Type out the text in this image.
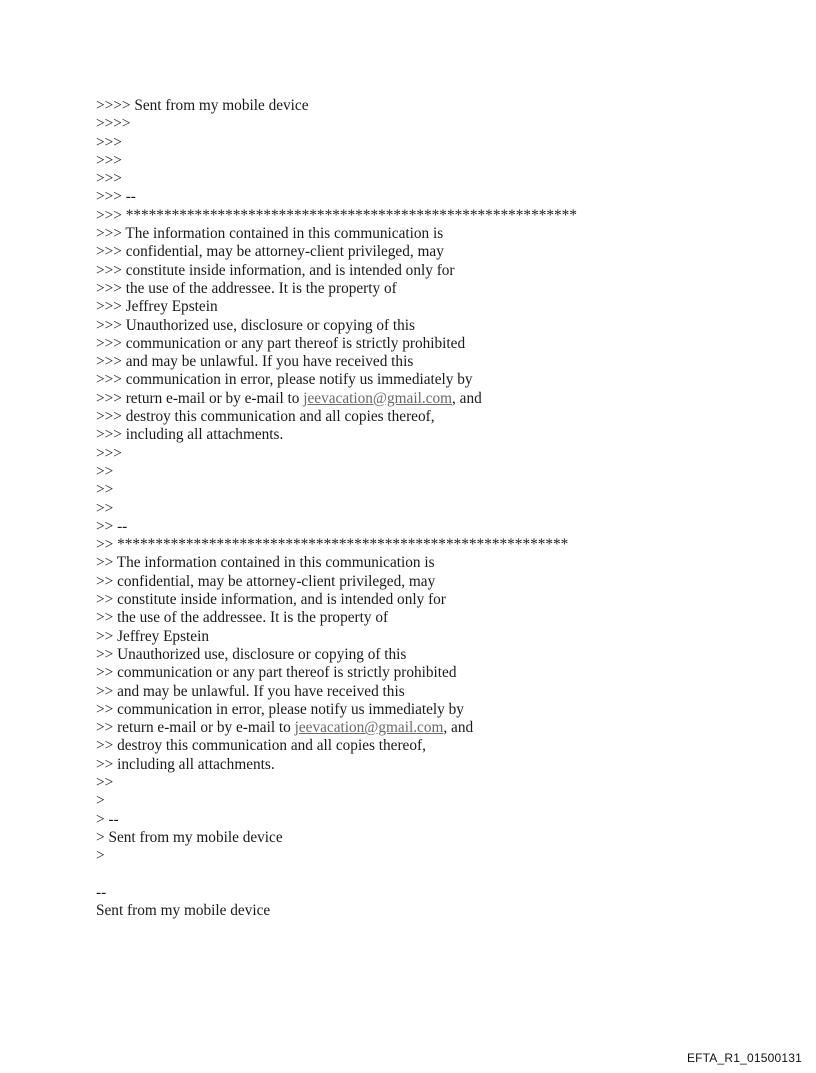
>>>> Sent from my mobile device
>>>>
>>>
>>>
>>>
>>> --
>>> ***********************************************************
>>> The information contained in this communication is
>>> confidential, may be attorney-client privileged, may
>>> constitute inside information, and is intended only for
>>> the use of the addressee. It is the property of
>>> Jeffrey Epstein
>>> Unauthorized use, disclosure or copying of this
>>> communication or any part thereof is strictly prohibited
>>> and may be unlawful. If you have received this
>>> communication in error, please notify us immediately by
>>> return e-mail or by e-mail to jeevacation@gmail.com, and
>>> destroy this communication and all copies thereof,
>>> including all attachments.
>>>
>>
>>
>>
>> --
>> ***********************************************************
>> The information contained in this communication is
>> confidential, may be attorney-client privileged, may
>> constitute inside information, and is intended only for
>> the use of the addressee. It is the property of
>> Jeffrey Epstein
>> Unauthorized use, disclosure or copying of this
>> communication or any part thereof is strictly prohibited
>> and may be unlawful. If you have received this
>> communication in error, please notify us immediately by
>> return e-mail or by e-mail to jeevacation@gmail.com, and
>> destroy this communication and all copies thereof,
>> including all attachments.
>>
>
> --
> Sent from my mobile device
>
--
Sent from my mobile device
EFTA_R1_01500131
